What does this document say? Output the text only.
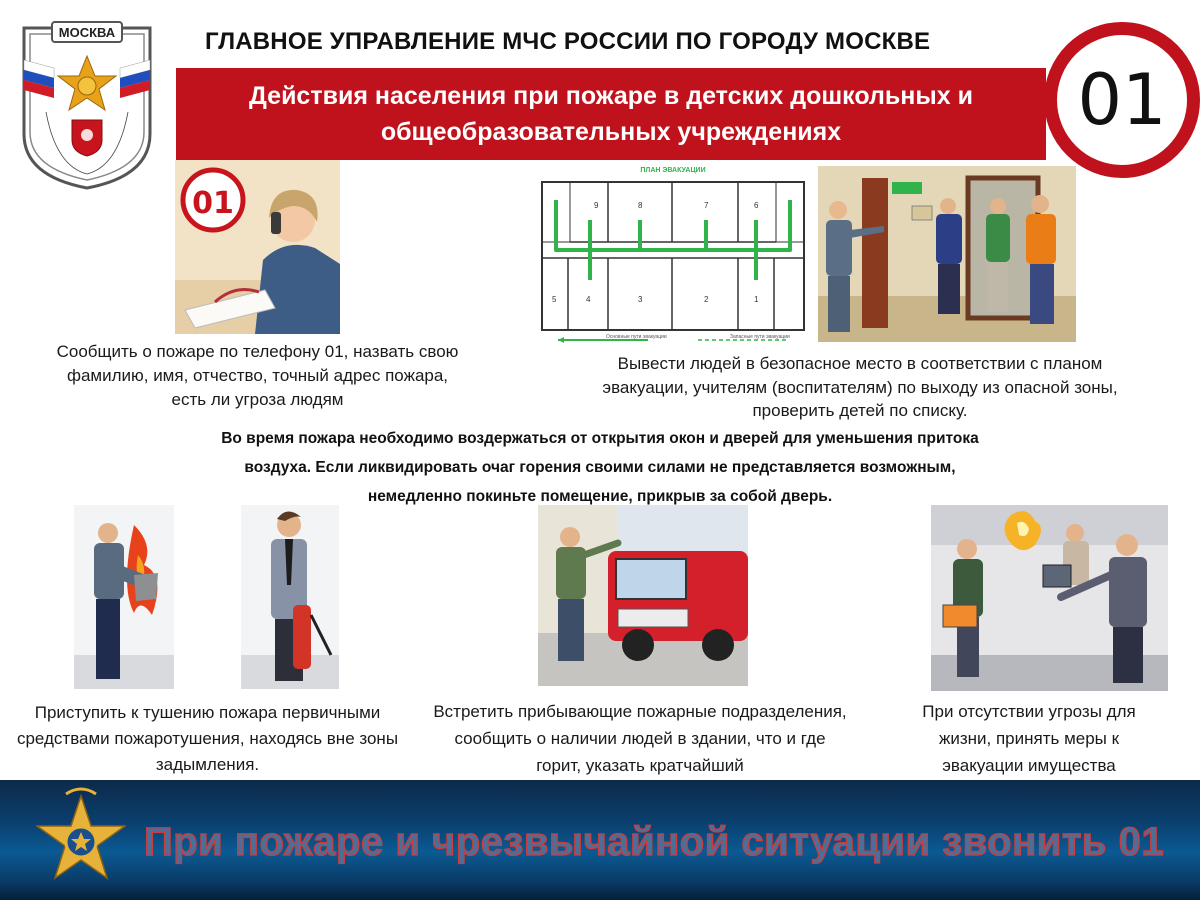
МОСКВА	ГЛАВНОЕ УПРАВЛЕНИЕ МЧС РОССИИ ПО ГОРОДУ МОСКВЕ
Действия населения при пожаре в детских дошкольных и
общеобразовательных учреждениях	01
01
Сообщить о пожаре по телефону 01, назвать свою фамилию, имя, отчество, точный адрес пожара, есть ли угроза людям
ПЛАН ЭВАКУАЦИИ
9	8	7	6
5	4	3	2	1
Основные пути эвакуации	Запасные пути эвакуации
Вывести людей в безопасное место в соответствии с планом эвакуации, учителям (воспитателям) по выходу из опасной зоны, проверить детей по списку.
Во время пожара необходимо воздержаться от открытия окон и дверей для уменьшения притока
воздуха. Если ликвидировать очаг горения своими силами не представляется возможным,
немедленно покиньте помещение, прикрыв за собой дверь.
Приступить к тушению пожара первичными средствами пожаротушения, находясь вне зоны задымления.
Встретить прибывающие пожарные подразделения, сообщить о наличии людей в здании, что и где горит, указать кратчайший
При отсутствии угрозы для жизни, принять меры к эвакуации имущества
При пожаре и чрезвычайной ситуации звонить 01
